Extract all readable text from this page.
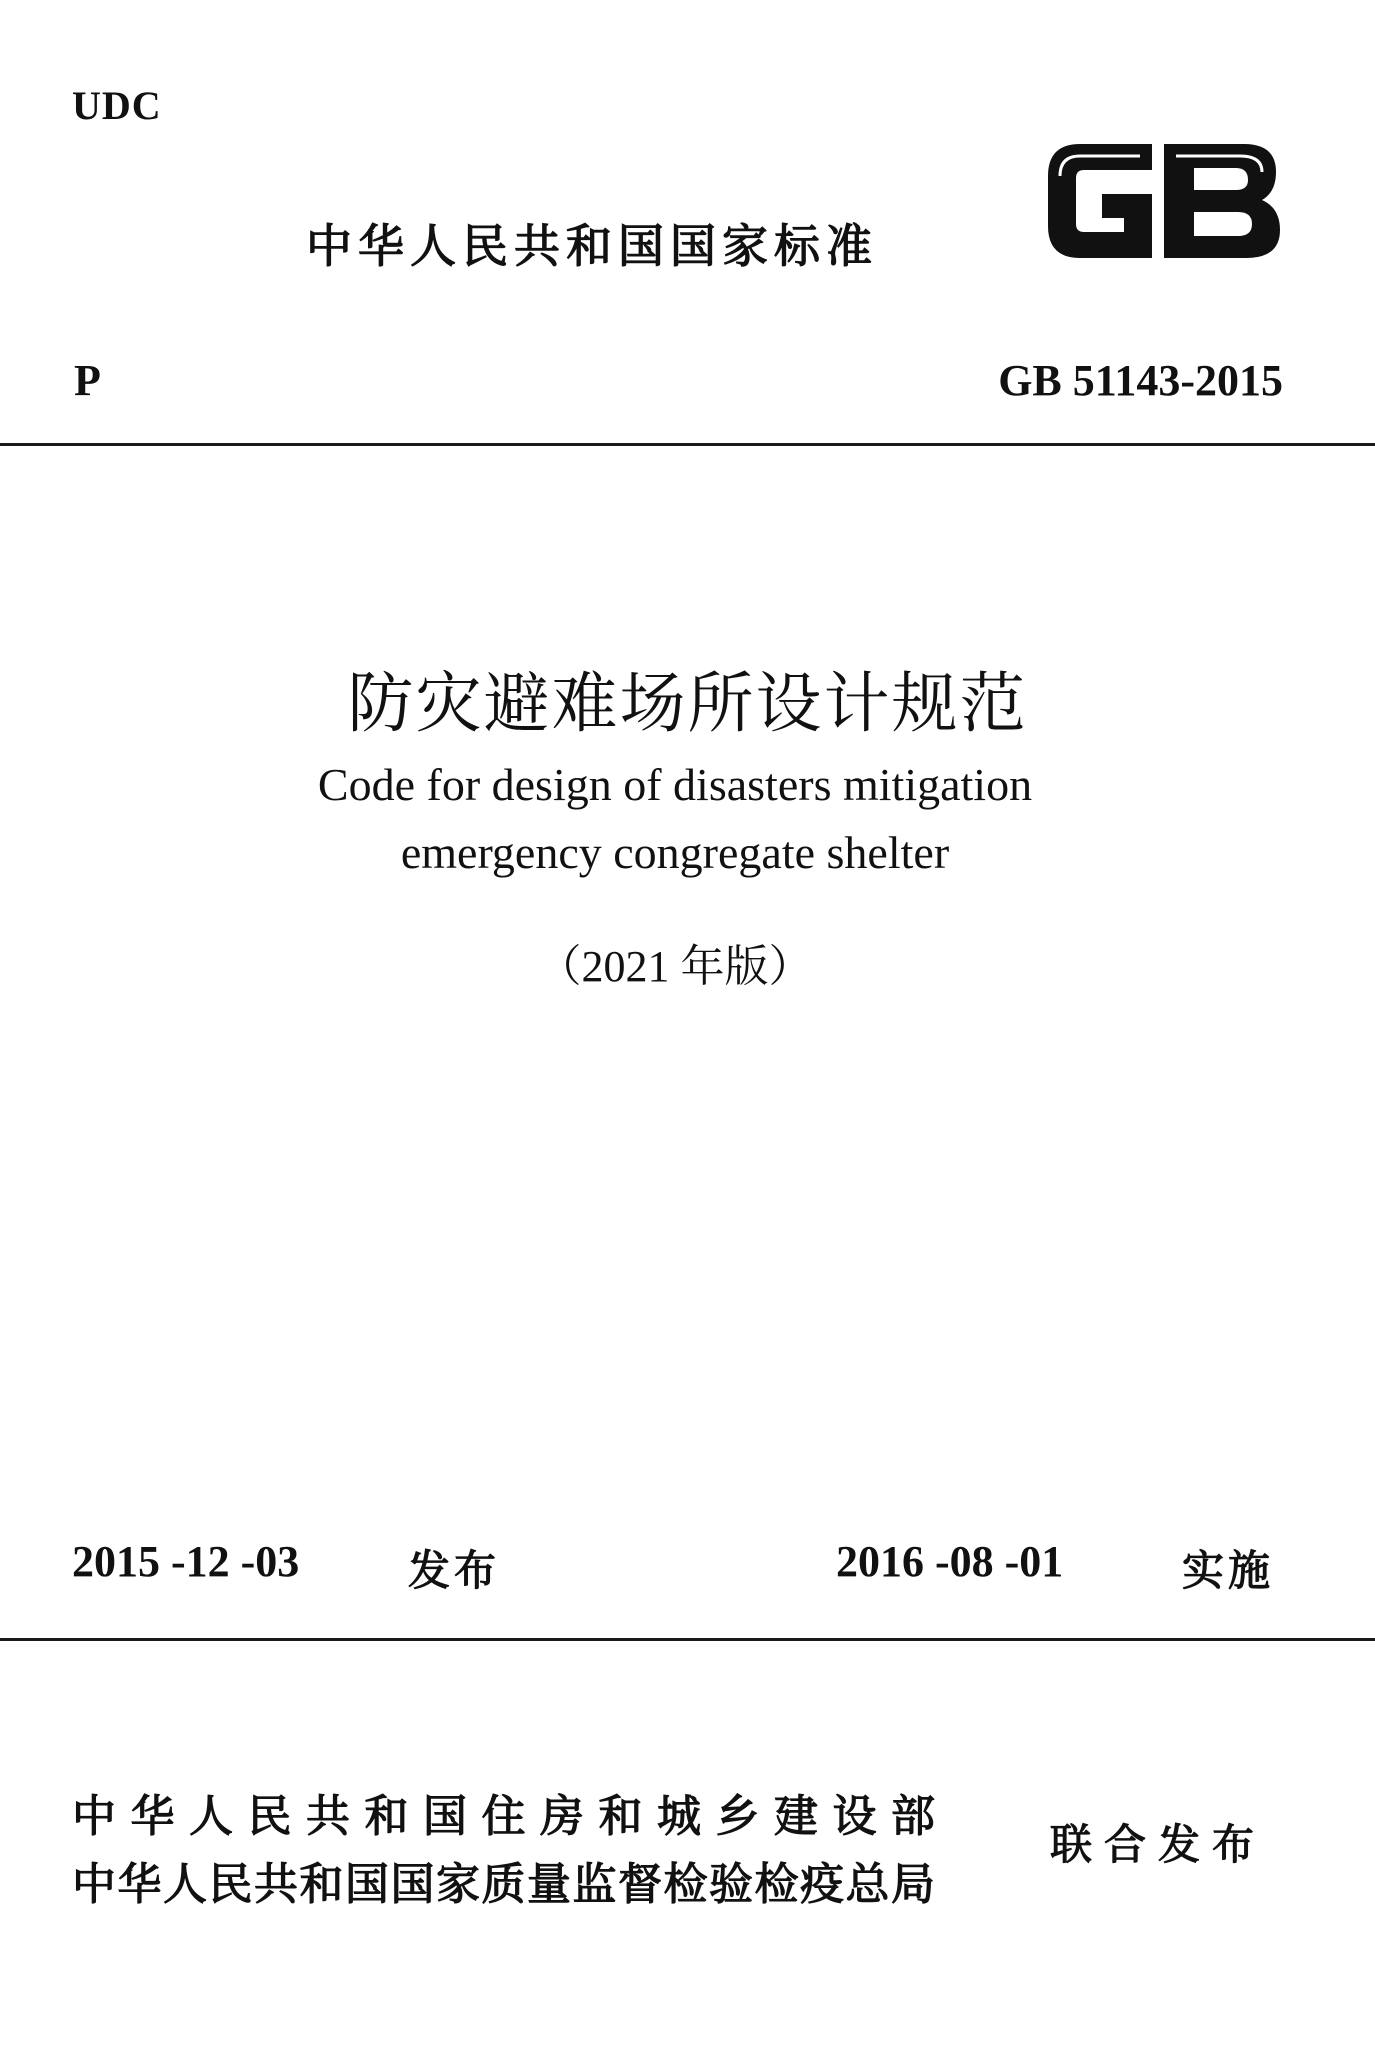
UDC
中华人民共和国国家标准
P	GB 51143-2015
防灾避难场所设计规范
Code for design of disasters mitigation
emergency congregate shelter
（2021 年版）
2015 -12 -03	发布	2016 -08 -01	实施
中华人民共和国住房和城乡建设部
中华人民共和国国家质量监督检验检疫总局
联合发布
